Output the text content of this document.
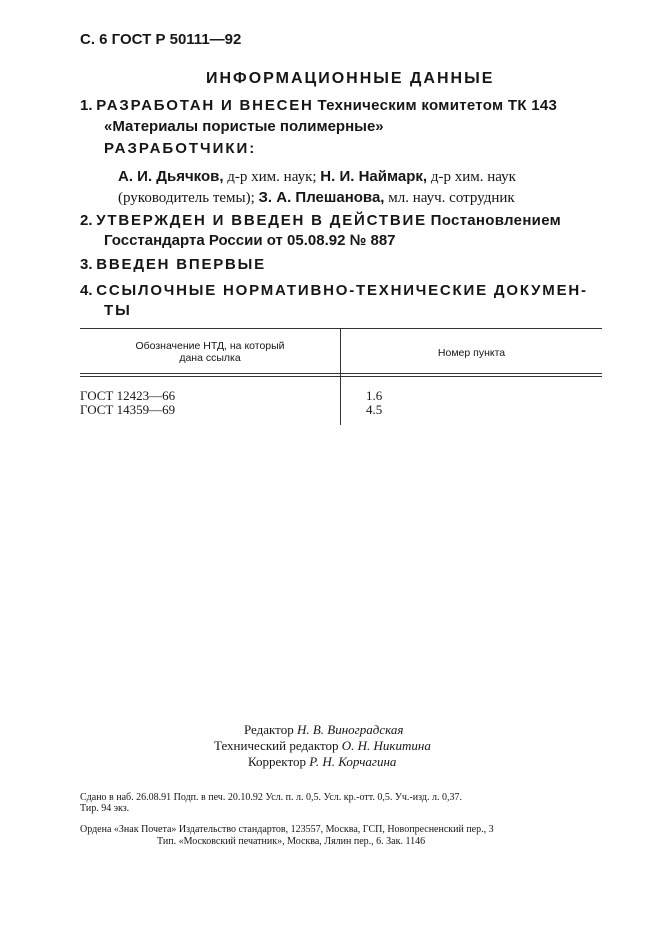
С. 6 ГОСТ Р 50111—92
ИНФОРМАЦИОННЫЕ ДАННЫЕ
1. РАЗРАБОТАН И ВНЕСЕН Техническим комитетом ТК 143
«Материалы пористые полимерные»
РАЗРАБОТЧИКИ:
А. И. Дьячков, д-р хим. наук; Н. И. Наймарк, д-р хим. наук
(руководитель темы); З. А. Плешанова, мл. науч. сотрудник
2. УТВЕРЖДЕН И ВВЕДЕН В ДЕЙСТВИЕ Постановлением
Госстандарта России от 05.08.92 № 887
3. ВВЕДЕН ВПЕРВЫЕ
4. ССЫЛОЧНЫЕ НОРМАТИВНО-ТЕХНИЧЕСКИЕ ДОКУМЕН-
ТЫ
Обозначение НТД, на который
дана ссылка	Номер пункта
ГОСТ 12423—66	1.6
ГОСТ 14359—69	4.5
Редактор Н. В. Виноградская
Технический редактор О. Н. Никитина
Корректор Р. Н. Корчагина
Сдано в наб. 26.08.91 Подп. в печ. 20.10.92 Усл. п. л. 0,5. Усл. кр.-отт. 0,5. Уч.-изд. л. 0,37.
Тир. 94 экз.
Ордена «Знак Почета» Издательство стандартов, 123557, Москва, ГСП, Новопресненский пер., 3
Тип. «Московский печатник», Москва, Лялин пер., 6. Зак. 1146
